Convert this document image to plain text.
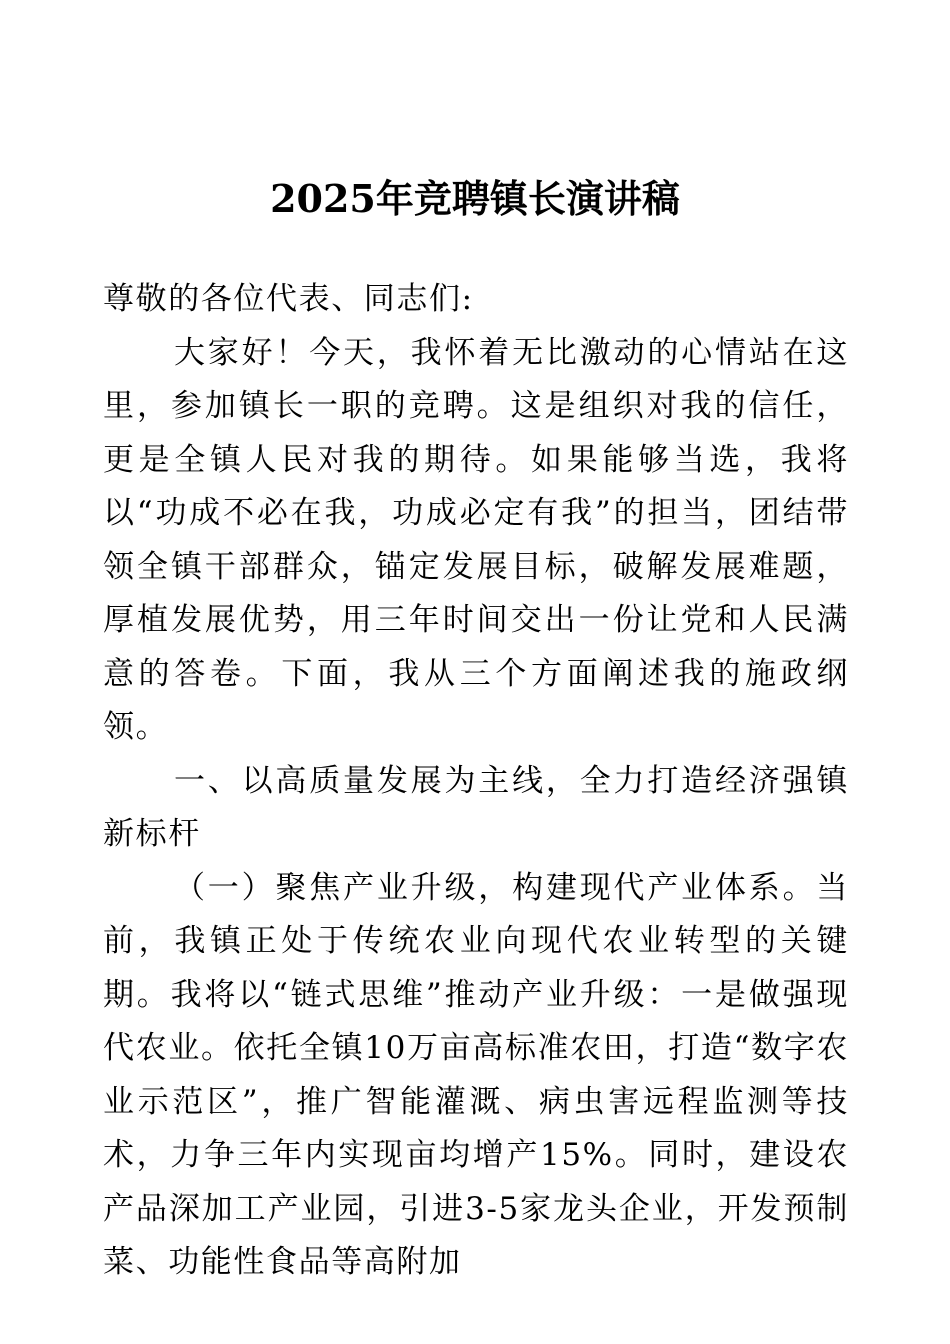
2025年竞聘镇长演讲稿

尊敬的各位代表、同志们:

大家好！今天，我怀着无比激动的心情站在这里，参加镇长一职的竞聘。这是组织对我的信任，更是全镇人民对我的期待。如果能够当选，我将以“功成不必在我，功成必定有我”的担当，团结带领全镇干部群众，锚定发展目标，破解发展难题，厚植发展优势，用三年时间交出一份让党和人民满意的答卷。下面，我从三个方面阐述我的施政纲领。

一、以高质量发展为主线，全力打造经济强镇新标杆

（一）聚焦产业升级，构建现代产业体系。当前，我镇正处于传统农业向现代农业转型的关键期。我将以“链式思维”推动产业升级：一是做强现代农业。依托全镇10万亩高标准农田，打造“数字农业示范区”，推广智能灌溉、病虫害远程监测等技术，力争三年内实现亩均增产15%。同时，建设农产品深加工产业园，引进3-5家龙头企业，开发预制菜、功能性食品等高附加
